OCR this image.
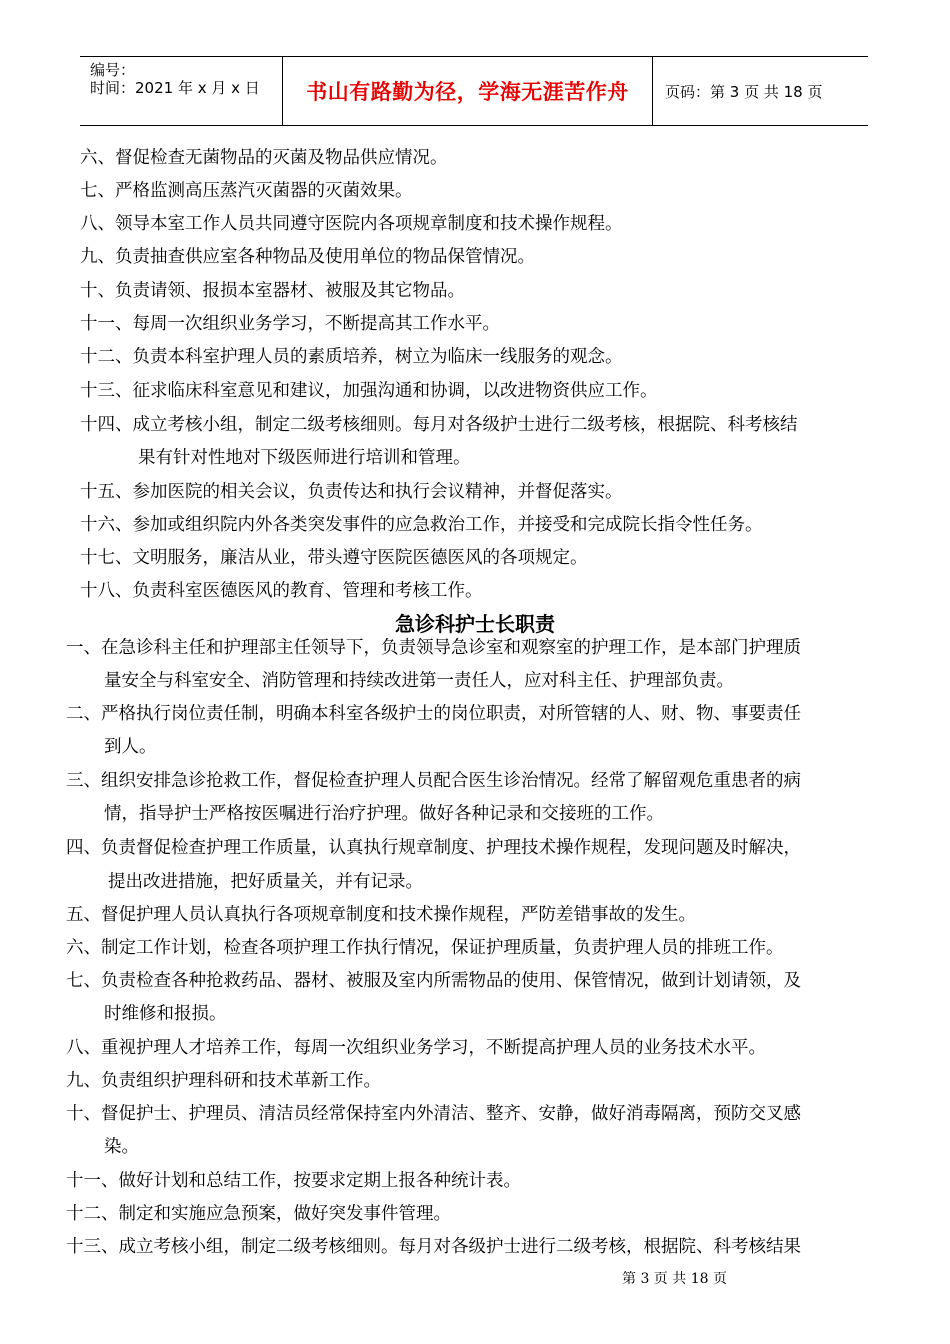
编号：
时间：2021 年 x 月 x 日 书山有路勤为径，学海无涯苦作舟 页码：第 3 页 共 18 页
六、督促检查无菌物品的灭菌及物品供应情况。
七、严格监测高压蒸汽灭菌器的灭菌效果。
八、领导本室工作人员共同遵守医院内各项规章制度和技术操作规程。
九、负责抽查供应室各种物品及使用单位的物品保管情况。
十、负责请领、报损本室器材、被服及其它物品。
十一、每周一次组织业务学习，不断提高其工作水平。
十二、负责本科室护理人员的素质培养，树立为临床一线服务的观念。
十三、征求临床科室意见和建议，加强沟通和协调，以改进物资供应工作。
十四、成立考核小组，制定二级考核细则。每月对各级护士进行二级考核，根据院、科考核结
果有针对性地对下级医师进行培训和管理。
十五、参加医院的相关会议，负责传达和执行会议精神，并督促落实。
十六、参加或组织院内外各类突发事件的应急救治工作，并接受和完成院长指令性任务。
十七、文明服务，廉洁从业，带头遵守医院医德医风的各项规定。
十八、负责科室医德医风的教育、管理和考核工作。
急诊科护士长职责
一、在急诊科主任和护理部主任领导下，负责领导急诊室和观察室的护理工作，是本部门护理质
量安全与科室安全、消防管理和持续改进第一责任人，应对科主任、护理部负责。
二、严格执行岗位责任制，明确本科室各级护士的岗位职责，对所管辖的人、财、物、事要责任
到人。
三、组织安排急诊抢救工作，督促检查护理人员配合医生诊治情况。经常了解留观危重患者的病
情，指导护士严格按医嘱进行治疗护理。做好各种记录和交接班的工作。
四、负责督促检查护理工作质量，认真执行规章制度、护理技术操作规程，发现问题及时解决，
提出改进措施，把好质量关，并有记录。
五、督促护理人员认真执行各项规章制度和技术操作规程，严防差错事故的发生。
六、制定工作计划，检查各项护理工作执行情况，保证护理质量，负责护理人员的排班工作。
七、负责检查各种抢救药品、器材、被服及室内所需物品的使用、保管情况，做到计划请领，及
时维修和报损。
八、重视护理人才培养工作，每周一次组织业务学习，不断提高护理人员的业务技术水平。
九、负责组织护理科研和技术革新工作。
十、督促护士、护理员、清洁员经常保持室内外清洁、整齐、安静，做好消毒隔离，预防交叉感
染。
十一、做好计划和总结工作，按要求定期上报各种统计表。
十二、制定和实施应急预案，做好突发事件管理。
十三、成立考核小组，制定二级考核细则。每月对各级护士进行二级考核，根据院、科考核结果
第 3 页 共 18 页
